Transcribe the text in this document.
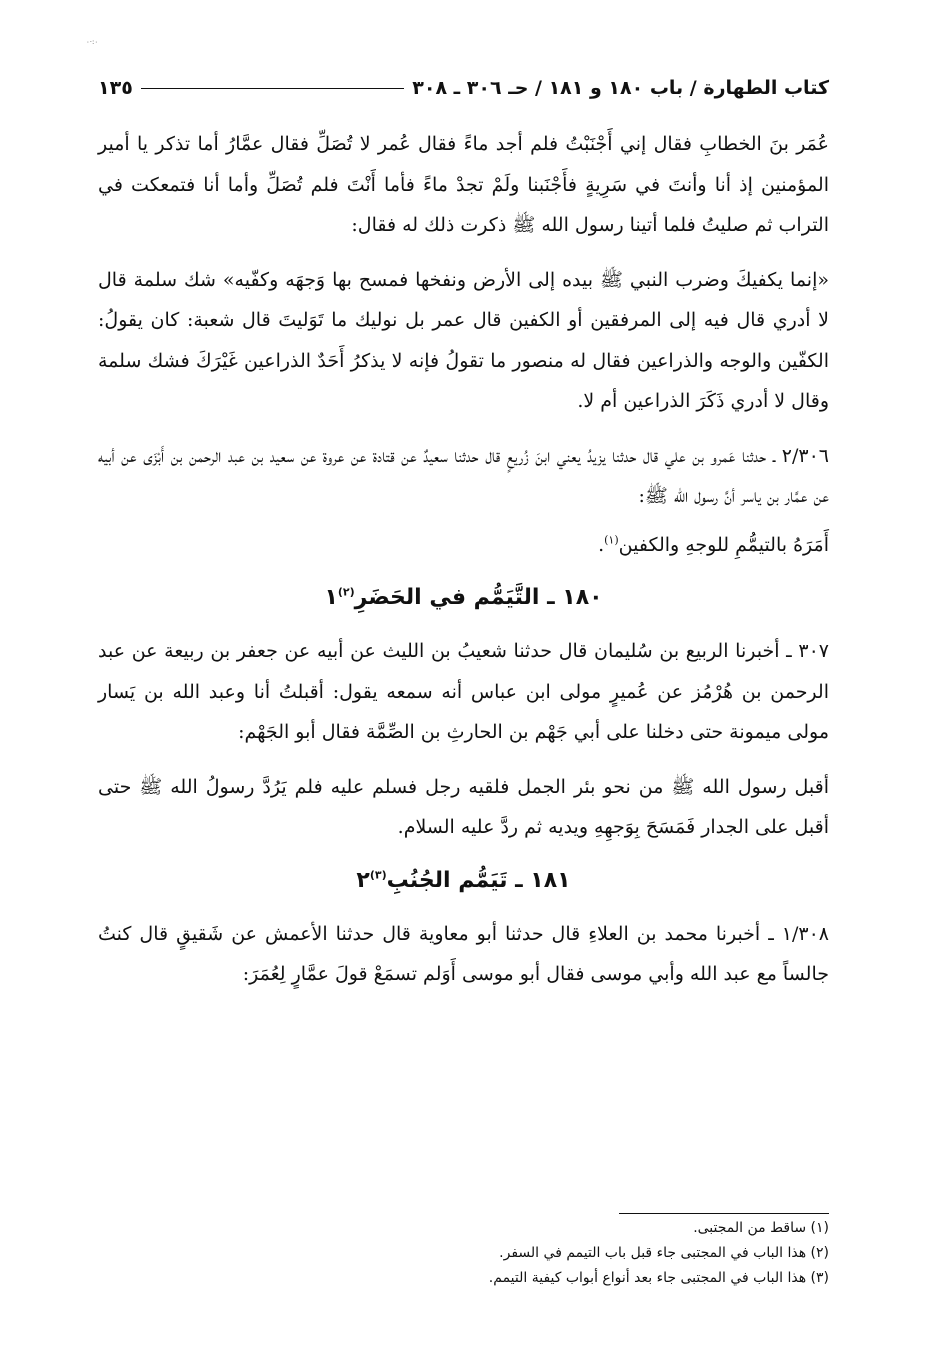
٠:·٠
كتاب الطهارة / باب ١٨٠ و ١٨١ / حـ ٣٠٦ ـ ٣٠٨
١٣٥

عُمَر بنَ الخطابِ فقال إني أَجْنَبْتُ فلم أجد ماءً فقال عُمر لا تُصَلِّ فقال عمَّارُ أما تذكر يا أمير المؤمنين إذ أنا وأنتَ في سَرِيةٍ فأَجْنَبنا ولَمْ تجدْ ماءً فأما أَنْتَ فلم تُصَلِّ وأما أنا فتمعكت في التراب ثم صليتُ فلما أتينا رسول الله ﷺ ذكرت ذلك له فقال:

«إنما يكفيكَ وضرب النبي ﷺ بيده إلى الأرض ونفخها فمسح بها وَجهَه وكفّيه» شك سلمة قال لا أدري قال فيه إلى المرفقين أو الكفين قال عمر بل نوليك ما تَوَليتَ قال شعبة: كان يقولُ: الكفّين والوجه والذراعين فقال له منصور ما تقولُ فإنه لا يذكرُ أَحَدٌ الذراعين غَيْرَكَ فشك سلمة وقال لا أدري ذَكَرَ الذراعين أم لا.

٢/٣٠٦ ـ حدثنا عَمرو بن علي قال حدثنا يزيدُ يعني ابنَ زُريعٍ قال حدثنا سعيدٌ عن قتادة عن عروة عن سعيد بن عبد الرحمن بن أَبْزَى عن أبيه عن عمَّار بن ياسر أنَّ رسول الله ﷺ:

أَمَرَهُ بالتيمُّمِ للوجهِ والكفين$^{(١)}$.

١٨٠ ـ التَّيَمُّم في الحَضَرِ$^{(٢)}$١

٣٠٧ ـ أخبرنا الربيع بن سُليمان قال حدثنا شعيبُ بن الليث عن أبيه عن جعفر بن ربيعة عن عبد الرحمن بن هُرْمُز عن عُميرٍ مولى ابن عباس أنه سمعه يقول: أقبلتُ أنا وعبد الله بن يَسار مولى ميمونة حتى دخلنا على أبي جَهْم بن الحارثِ بن الصِّمَّة فقال أبو الجَهْم:

أقبل رسول الله ﷺ من نحو بئر الجمل فلقيه رجل فسلم عليه فلم يَرُدَّ رسولُ الله ﷺ حتى أقبل على الجدار فَمَسَحَ بِوَجهِهِ ويديه ثم ردَّ عليه السلام.

١٨١ ـ تَيَمُّم الجُنُبِ$^{(٣)}$٢

١/٣٠٨ ـ أخبرنا محمد بن العلاءِ قال حدثنا أبو معاوية قال حدثنا الأعمش عن شَقيقٍ قال كنتُ جالساً مع عبد الله وأبي موسى فقال أبو موسى أَوَلم تسمَعْ قولَ عمَّارٍ لِعُمَرَ:

(١) ساقط من المجتبى.
(٢) هذا الباب في المجتبى جاء قبل باب التيمم في السفر.
(٣) هذا الباب في المجتبى جاء بعد أنواع أبواب كيفية التيمم.
